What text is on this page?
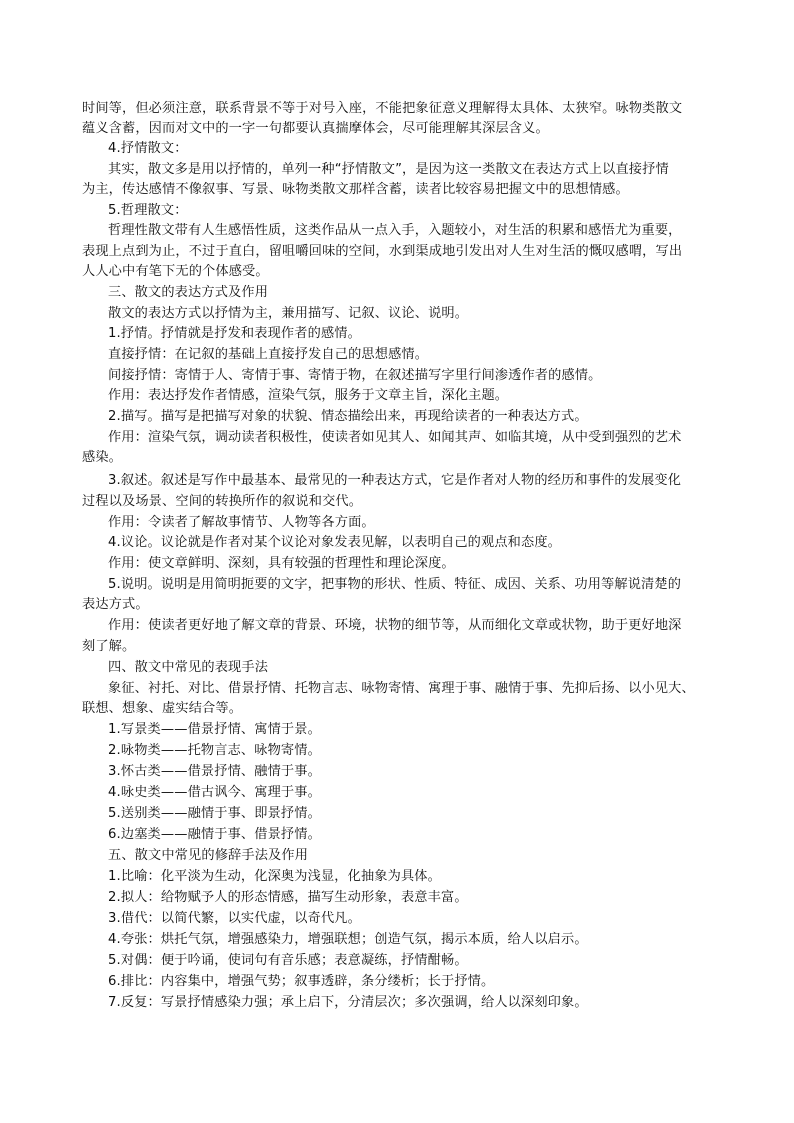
时间等，但必须注意，联系背景不等于对号入座，不能把象征意义理解得太具体、太狭窄。咏物类散文
蕴义含蓄，因而对文中的一字一句都要认真揣摩体会，尽可能理解其深层含义。
4.抒情散文：
其实，散文多是用以抒情的，单列一种“抒情散文”，是因为这一类散文在表达方式上以直接抒情
为主，传达感情不像叙事、写景、咏物类散文那样含蓄，读者比较容易把握文中的思想情感。
5.哲理散文：
哲理性散文带有人生感悟性质，这类作品从一点入手，入题较小，对生活的积累和感悟尤为重要，
表现上点到为止，不过于直白，留咀嚼回味的空间，水到渠成地引发出对人生对生活的慨叹感喟，写出
人人心中有笔下无的个体感受。
三、散文的表达方式及作用
散文的表达方式以抒情为主，兼用描写、记叙、议论、说明。
1.抒情。抒情就是抒发和表现作者的感情。
直接抒情：在记叙的基础上直接抒发自己的思想感情。
间接抒情：寄情于人、寄情于事、寄情于物，在叙述描写字里行间渗透作者的感情。
作用：表达抒发作者情感，渲染气氛，服务于文章主旨，深化主题。
2.描写。描写是把描写对象的状貌、情态描绘出来，再现给读者的一种表达方式。
作用：渲染气氛，调动读者积极性，使读者如见其人、如闻其声、如临其境，从中受到强烈的艺术
感染。
3.叙述。叙述是写作中最基本、最常见的一种表达方式，它是作者对人物的经历和事件的发展变化
过程以及场景、空间的转换所作的叙说和交代。
作用：令读者了解故事情节、人物等各方面。
4.议论。议论就是作者对某个议论对象发表见解，以表明自己的观点和态度。
作用：使文章鲜明、深刻，具有较强的哲理性和理论深度。
5.说明。说明是用简明扼要的文字，把事物的形状、性质、特征、成因、关系、功用等解说清楚的
表达方式。
作用：使读者更好地了解文章的背景、环境，状物的细节等，从而细化文章或状物，助于更好地深
刻了解。
四、散文中常见的表现手法
象征、衬托、对比、借景抒情、托物言志、咏物寄情、寓理于事、融情于事、先抑后扬、以小见大、
联想、想象、虚实结合等。
1.写景类——借景抒情、寓情于景。
2.咏物类——托物言志、咏物寄情。
3.怀古类——借景抒情、融情于事。
4.咏史类——借古讽今、寓理于事。
5.送别类——融情于事、即景抒情。
6.边塞类——融情于事、借景抒情。
五、散文中常见的修辞手法及作用
1.比喻：化平淡为生动，化深奥为浅显，化抽象为具体。
2.拟人：给物赋予人的形态情感，描写生动形象，表意丰富。
3.借代：以简代繁，以实代虚，以奇代凡。
4.夸张：烘托气氛，增强感染力，增强联想；创造气氛，揭示本质，给人以启示。
5.对偶：便于吟诵，使词句有音乐感；表意凝练，抒情酣畅。
6.排比：内容集中，增强气势；叙事透辟，条分缕析；长于抒情。
7.反复：写景抒情感染力强；承上启下，分清层次；多次强调，给人以深刻印象。
